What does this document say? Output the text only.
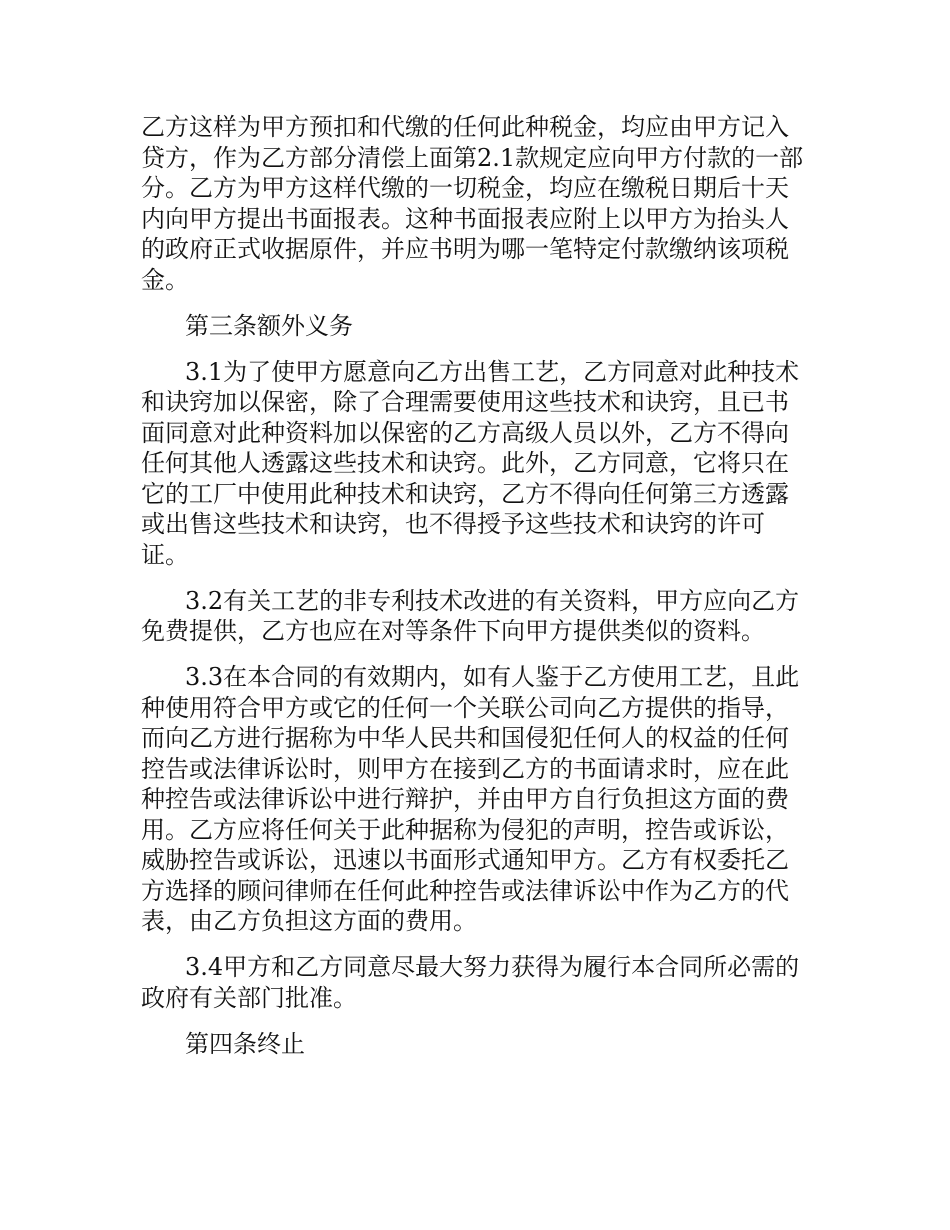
乙方这样为甲方预扣和代缴的任何此种税金，均应由甲方记入贷方，作为乙方部分清偿上面第2.1款规定应向甲方付款的一部分。乙方为甲方这样代缴的一切税金，均应在缴税日期后十天内向甲方提出书面报表。这种书面报表应附上以甲方为抬头人的政府正式收据原件，并应书明为哪一笔特定付款缴纳该项税金。

第三条额外义务

3.1为了使甲方愿意向乙方出售工艺，乙方同意对此种技术和诀窍加以保密，除了合理需要使用这些技术和诀窍，且已书面同意对此种资料加以保密的乙方高级人员以外，乙方不得向任何其他人透露这些技术和诀窍。此外，乙方同意，它将只在它的工厂中使用此种技术和诀窍，乙方不得向任何第三方透露或出售这些技术和诀窍，也不得授予这些技术和诀窍的许可证。

3.2有关工艺的非专利技术改进的有关资料，甲方应向乙方免费提供，乙方也应在对等条件下向甲方提供类似的资料。

3.3在本合同的有效期内，如有人鉴于乙方使用工艺，且此种使用符合甲方或它的任何一个关联公司向乙方提供的指导，而向乙方进行据称为中华人民共和国侵犯任何人的权益的任何控告或法律诉讼时，则甲方在接到乙方的书面请求时，应在此种控告或法律诉讼中进行辩护，并由甲方自行负担这方面的费用。乙方应将任何关于此种据称为侵犯的声明，控告或诉讼，威胁控告或诉讼，迅速以书面形式通知甲方。乙方有权委托乙方选择的顾问律师在任何此种控告或法律诉讼中作为乙方的代表，由乙方负担这方面的费用。

3.4甲方和乙方同意尽最大努力获得为履行本合同所必需的政府有关部门批准。

第四条终止
